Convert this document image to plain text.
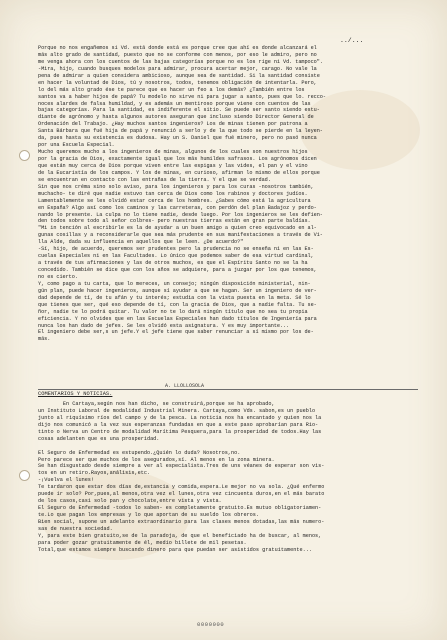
../...
Porque no nos engañemos si Vd. está donde está es porque cree que ahí es donde alcanzará el
más alto grado de santidad, puesto que no se conforme con menos, por eso le admiro, pero no
me venga ahora con los cuentos de las bajas categorías porque no es los rige ni Vd. tampoco".
-Mira, hijo, cuando busques modelos para admirar, procura acertar mejor, carago. No vale la
pena de admirar a quien considera ambicioso, aunque sea de santidad. Si la santidad consiste
en hacer la voluntad de Dios, tú y nosotros, todos, tenemos obligación de intentarla. Pero,
lo del más alto grado ése te parece que es hacer un feo a los demás? ¿También entre los
santos va a haber hijos de papá? Tu modelo no sirve ni para jugar a santo, pues que lo. recco-
noces alardes de falsa humildad, y es además un mentiroso porque viene con cuentos de las
bajas categorías. Para la santidad, es indiferente el sitio. Se puede ser santo siendo estu-
diante de agrónomo y hasta algunos autores aseguran que incluso siendo Director General de
Ordenación del Trabajo. ¿Hay muchos santos ingenieros? Los de minas tienen por patrona a
Santa Bárbara que fué hija de papá y renunció a serlo y de la que todo se pierde en la leyen-
da, pues hasta su existencia es dudosa. Hay un S. Daniel que fué minero, pero no pasó nunca
por una Escuela Especial.
Mucho queremos mucho a los ingenieros de minas, algunos de los cuales son nuestros hijos
por la gracia de Dios, exactamente igual que los más humildes safrasos. Los agrónomos dicen
que están muy cerca de Dios porque viven entre las espigas y las vides, el pan y el vino
de la Eucaristía de los campos. Y los de minas, en curioso, afirman lo mismo de ellos porque
se encuentran en contacto con las entrañas de la tierra. Y el que se verdad.
Sin que nos créma sino solo aviso, para los ingenieros y para los curas -nosotros también,
muchacho- te diré que nadie estuvo tan cerca de Dios como los rabinos y doctores judíos.
Lamentablemente se les olvidó estar cerca de los hombres. ¿Sabes cómo está la agricultura
en España? Algo así como los caminos y las carreteras, con perdón del plan Badajoz y perdo-
nando lo presente. La culpa no lo tiene nadie, desde luego. Por los ingenieros se les defien-
den todos sobre todo al señor colbres- pero nuestras tierras están en gran parte baldías.
"Mi in tención al escribirle es la de ayudar a un buen amigo a quien creo equivocado en al-
gunas cosillas y a reconsiderarle que sea más prudente en sus manifestaciones a través de Vi-
lla Alde, dada su influencia en aquellos que le leen. ¿De acuerdo?"
-Sí, hijo, de acuerdo, queremos ser prudentes pero la prudencia no se enseña ni en las Es-
cuelas Especiales ni en las Facultades. Lo único que podemos saber de esa virtud cardinal,
a través de tus afirmaciones y las de otros muchos, es que el Espíritu Santo no se la ha
concedido. También se dice que con los años se adquiere, para a juzgar por los que tenemos,
no es cierto.
Y, como pago a tu carta, que lo mereces, un consejo; ningún disposición ministerial, nin-
gún plan, puede hacer ingenieros, aunque sí ayudar a que se hagan. Ser un ingeniero de ver-
dad depende de tí, de tu afán y tu interés; estudia con la vista puesta en la meta. Sé lo
que tienes que ser, qué eso depende de tí, con la gracia de Dios, que a nadie falta. Tu se-
ñor, nadie te lo podrá quitar. Tu valor no te lo dará ningún título que no sea tu propia
eficiencia. Y no olvides que en las Escuelas Especiales han dado títulos de Ingeniería para
nunca los han dado de jefes. Se les olvidó esta asignatura. Y es muy importante...
El ingeniero debe ser,s un jefe.Y el jefe tiene que saber renunciar a sí mismo por los de-
más.
A. LLOLLOSOLA
COMENTARIOS Y NOTICIAS.
En Cartaya,según nos han dicho, se construirá,porque se ha aprobado,
un Instituto Laboral de modalidad Industrial Minera. Cartaya,como Vds. sabon,es un pueblo
junto al riquísimo ríos del campo y de la pesca. La noticia nos ha encantado y quien nos la
dijo nos comunicó a la vez sus esperanzas fundadas en que a este paso aprobarían para Rio-
tinto o Nerva un Centro de modalidad Marítima Pesquera,para la prosperidad de todos.Hay las
cosas adelanten que es una prosperidad.
El Seguro de Enfermedad es estupendo.¿Quién lo duda? Nosotros,no.
Pero parece ser que muchos de los asegurados,sí. Al menos en la zona minera.
Se han disgustado desde siempre a ver al especialista.Tres de uns véanes de esperar son vis-
tos en un retiro.Rayos,análisis,etc.
-¡Vuelva el lunes!
Te tardaron que estar dos días de,estancia y comida,espera.Le mejor no va sola. ¿Qué enfermo
puede ir solo? Por,pues,al menos,otra vez el lunes,otra vez cincuenta duros,en el más barato
de los casos,casi solo pan y chocolate,entre vista y vista.
El Seguro de Enfermedad -todos lo saben- es completamente gratuito.Es mutuo obligatoriamen-
te.Lo que pagan los empresas y lo que aportan de su sueldo los obreros.
Bien social, supone un adelanto extraordinario para las clases menos dotadas,las más numero-
sas de nuestra sociedad.
Y, para este bien gratuito,se de la paradoja, de que el beneficiado ha de buscar, al menos,
para poder gozar gratuitamente de él, medio billete de mil pesetas.
Total,que estamos siempre buscando dinero para que puedan ser asistidos gratuitamente...
0000000
